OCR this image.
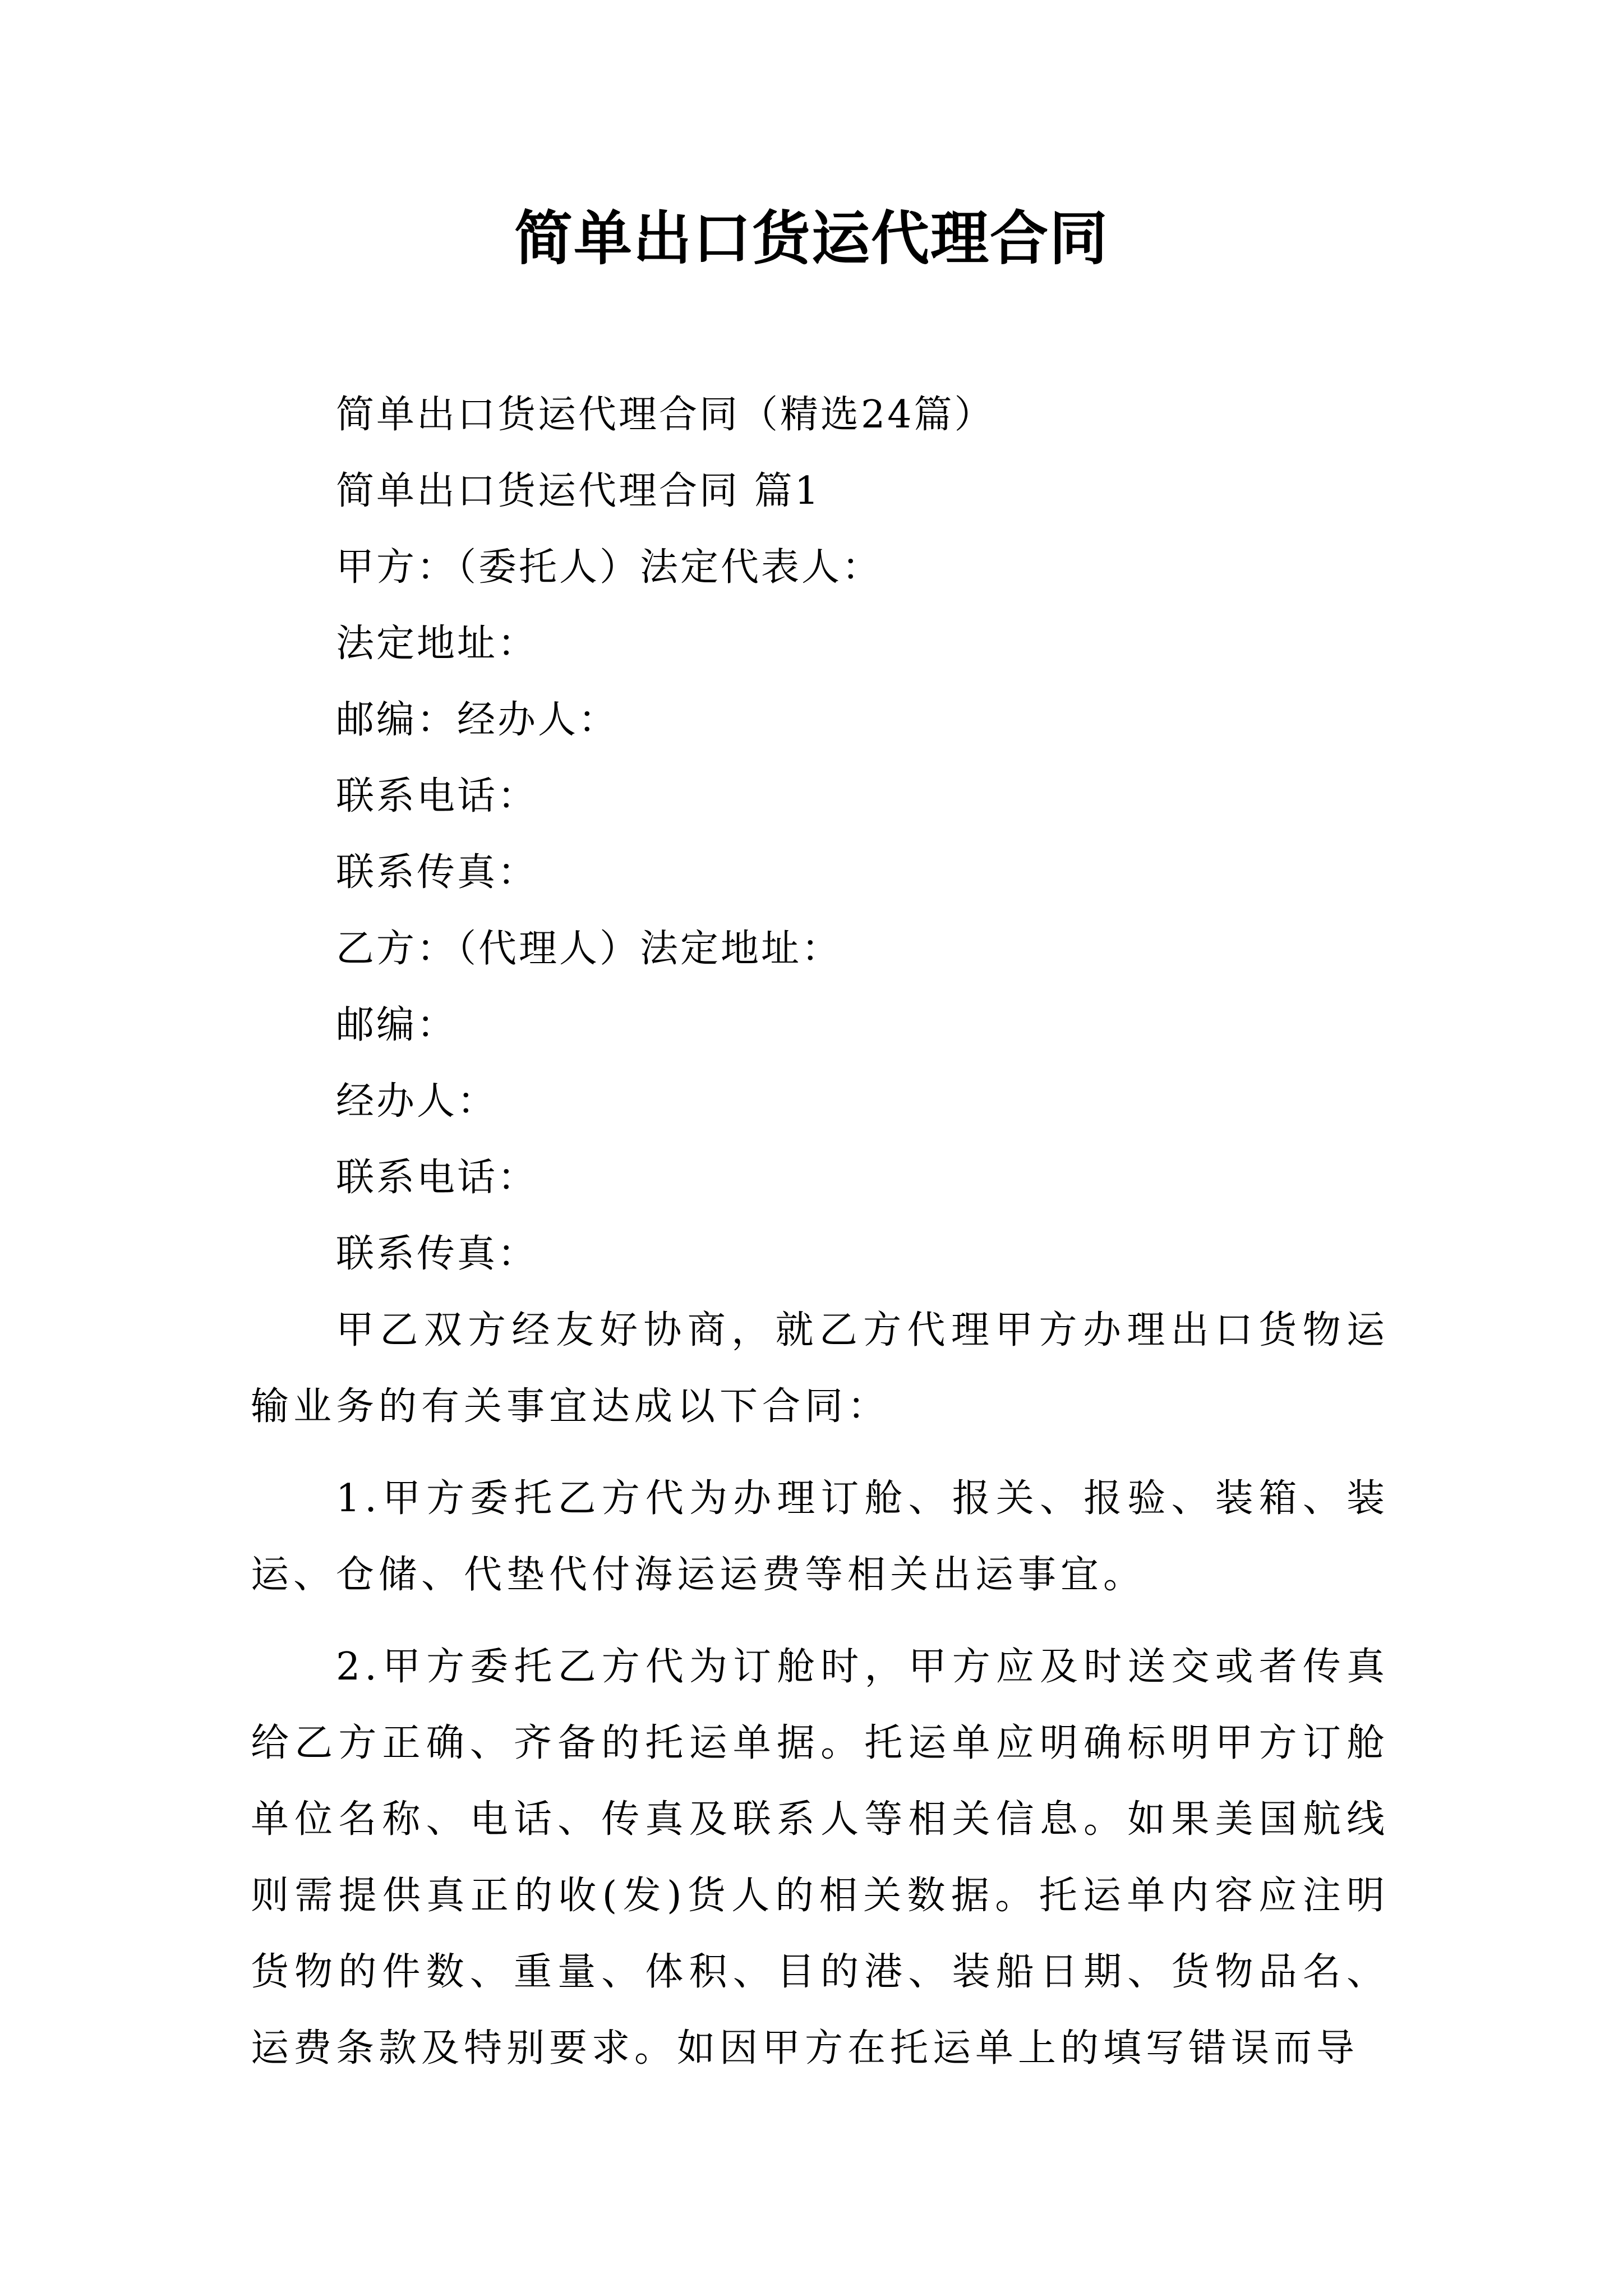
简单出口货运代理合同
简单出口货运代理合同（精选24篇）
简单出口货运代理合同 篇1
甲方：（委托人）法定代表人：
法定地址：
邮编：经办人：
联系电话：
联系传真：
乙方：（代理人）法定地址：
邮编：
经办人：
联系电话：
联系传真：

甲乙双方经友好协商，就乙方代理甲方办理出口货物运输业务的有关事宜达成以下合同：

1.甲方委托乙方代为办理订舱、报关、报验、装箱、装运、仓储、代垫代付海运运费等相关出运事宜。

2.甲方委托乙方代为订舱时，甲方应及时送交或者传真给乙方正确、齐备的托运单据。托运单应明确标明甲方订舱单位名称、电话、传真及联系人等相关信息。如果美国航线则需提供真正的收(发)货人的相关数据。托运单内容应注明货物的件数、重量、体积、目的港、装船日期、货物品名、运费条款及特别要求。如因甲方在托运单上的填写错误而导
